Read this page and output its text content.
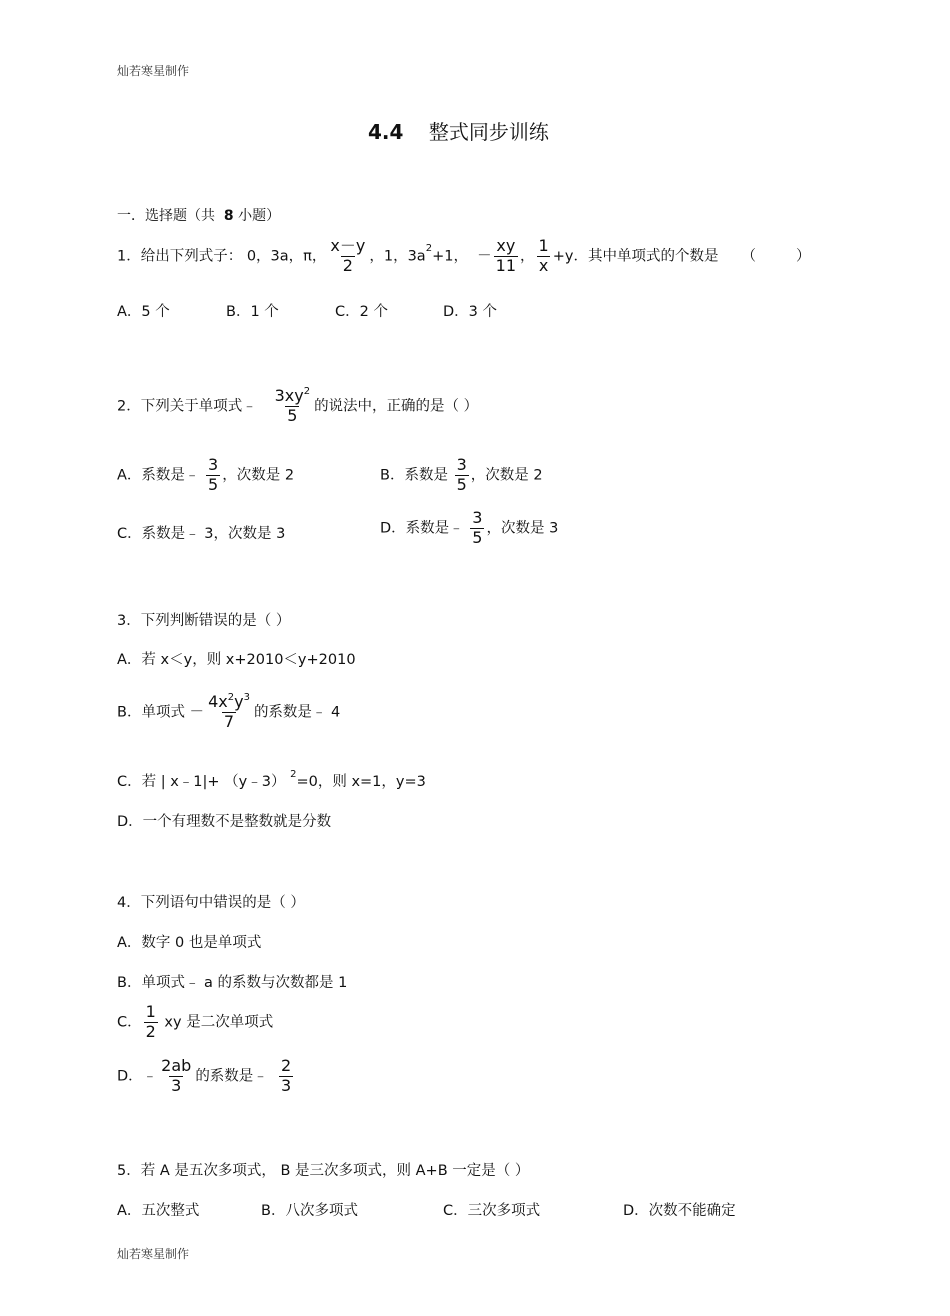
灿若寒星制作
灿若寒星制作
4.4 整式同步训练
一．选择题（共 8 小题）
1．给出下列式子： 0，3a，π， $\frac{x-y}{2}$ ，1，$3a^2+1$， － $\frac{xy}{11}$ ， $\frac{1}{x} +y$．其中单项式的个数是 （	）
A．5 个	B．1 个	C．2 个	D．3 个
2．下列关于单项式﹣ $\frac{3xy^2}{5}$ 的说法中，正确的是（ ）
A．系数是﹣ $\frac{3}{5}$ ，次数是 2	B．系数是 $\frac{3}{5}$ ，次数是 2
C．系数是﹣ 3，次数是 3	D．系数是﹣ $\frac{3}{5}$ ，次数是 3
3．下列判断错误的是（ ）
A．若 x＜y，则 x+2010＜y+2010
B．单项式 － $\frac{4x^2y^3}{7}$ 的系数是﹣ 4
C．若 | x﹣1|+ （y﹣3） $^2$=0，则 x=1，y=3
D．一个有理数不是整数就是分数
4．下列语句中错误的是（ ）
A．数字 0 也是单项式
B．单项式﹣ a 的系数与次数都是 1
C． $\frac{1}{2}$ xy 是二次单项式
D．﹣ $\frac{2ab}{3}$ 的系数是﹣ $\frac{2}{3}$
5．若 A 是五次多项式， B 是三次多项式，则 A+B 一定是（ ）
A．五次整式	B．八次多项式	C．三次多项式	D．次数不能确定
